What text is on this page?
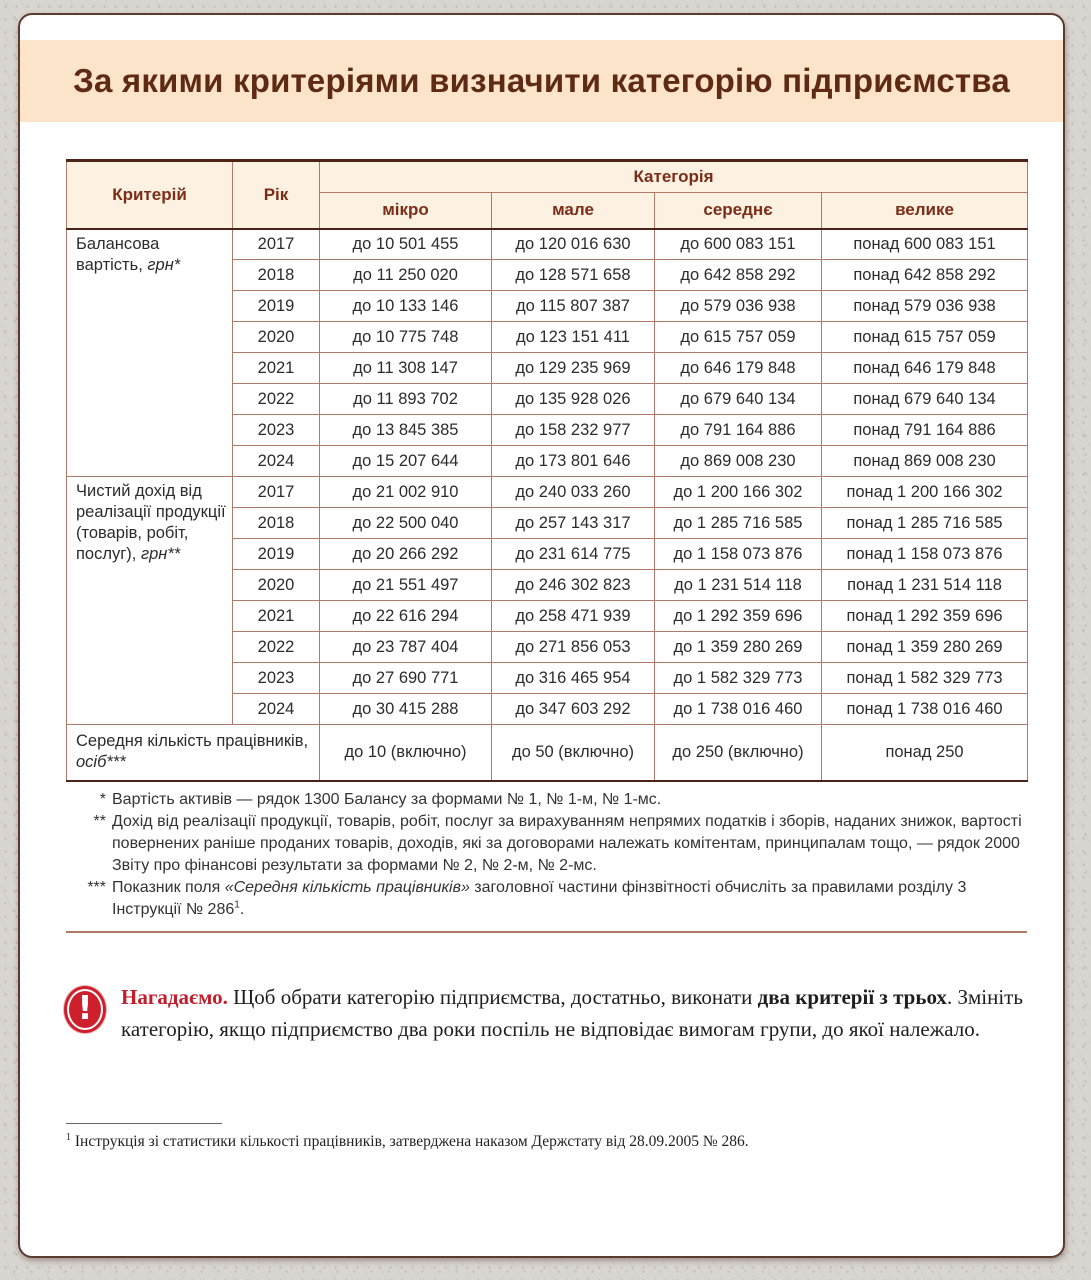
За якими критеріями визначити категорію підприємства
Критерій	Рік	Категорія			
		мікро	мале	середнє	велике
Балансова вартість, грн*	2017	до 10 501 455	до 120 016 630	до 600 083 151	понад 600 083 151
	2018	до 11 250 020	до 128 571 658	до 642 858 292	понад 642 858 292
	2019	до 10 133 146	до 115 807 387	до 579 036 938	понад 579 036 938
	2020	до 10 775 748	до 123 151 411	до 615 757 059	понад 615 757 059
	2021	до 11 308 147	до 129 235 969	до 646 179 848	понад 646 179 848
	2022	до 11 893 702	до 135 928 026	до 679 640 134	понад 679 640 134
	2023	до 13 845 385	до 158 232 977	до 791 164 886	понад 791 164 886
	2024	до 15 207 644	до 173 801 646	до 869 008 230	понад 869 008 230
Чистий дохід від реалізації продукції (товарів, робіт, послуг), грн**	2017	до 21 002 910	до 240 033 260	до 1 200 166 302	понад 1 200 166 302
	2018	до 22 500 040	до 257 143 317	до 1 285 716 585	понад 1 285 716 585
	2019	до 20 266 292	до 231 614 775	до 1 158 073 876	понад 1 158 073 876
	2020	до 21 551 497	до 246 302 823	до 1 231 514 118	понад 1 231 514 118
	2021	до 22 616 294	до 258 471 939	до 1 292 359 696	понад 1 292 359 696
	2022	до 23 787 404	до 271 856 053	до 1 359 280 269	понад 1 359 280 269
	2023	до 27 690 771	до 316 465 954	до 1 582 329 773	понад 1 582 329 773
	2024	до 30 415 288	до 347 603 292	до 1 738 016 460	понад 1 738 016 460
Середня кількість працівників, осіб***		до 10 (включно)	до 50 (включно)	до 250 (включно)	понад 250
* Вартість активів — рядок 1300 Балансу за формами № 1, № 1-м, № 1-мс.
** Дохід від реалізації продукції, товарів, робіт, послуг за вирахуванням непрямих податків і зборів, наданих знижок, вартості повернених раніше проданих товарів, доходів, які за договорами належать комітентам, принципалам тощо, — рядок 2000 Звіту про фінансові результати за формами № 2, № 2-м, № 2-мс.
*** Показник поля «Середня кількість працівників» заголовної частини фінзвітності обчисліть за правилами розділу 3 Інструкції № $286^1$.
!	Нагадаємо. Щоб обрати категорію підприємства, достатньо, виконати два критерії з трьох. Змініть категорію, якщо підприємство два роки поспіль не відповідає вимогам групи, до якої належало.
$^1$ Інструкція зі статистики кількості працівників, затверджена наказом Держстату від 28.09.2005 № 286.
